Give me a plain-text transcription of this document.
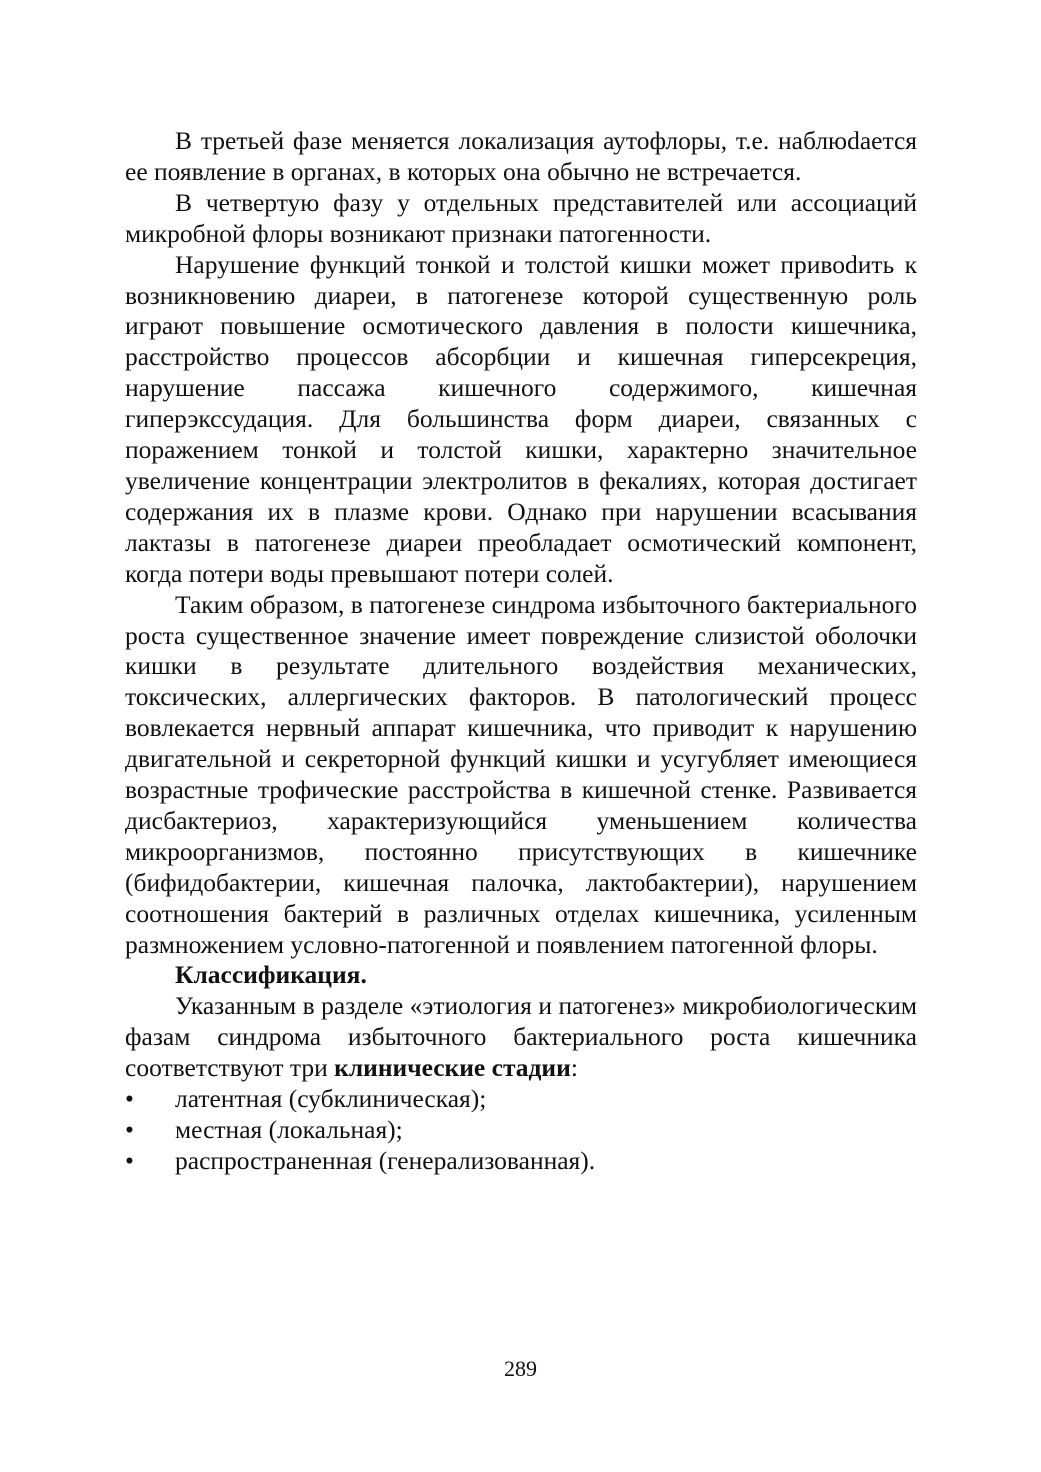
В третьей фазе меняется локализация аутофлоры, т.е. наблюdается ее появление в органах, в которых она обычно не встречается.

В четвертую фазу у отдельных представителей или ассоциаций микробной флоры возникают признаки патогенности.

Нарушение функций тонкой и толстой кишки может привоdить к возникновению диареи, в патогенезе которой существенную роль играют повышение осмотического давления в полости кишечника, расстройство процессов абсорбции и кишечная гиперсекреция, нарушение пассажа кишечного содержимого, кишечная гиперэкссудация. Для большинства форм диареи, связанных с поражением тонкой и толстой кишки, характерно значительное увеличение концентрации электролитов в фекалиях, которая достигает содержания их в плазме крови. Однако при нарушении всасывания лактазы в патогенезе диареи преобладает осмотический компонент, когда потери воды превышают потери солей.

Таким образом, в патогенезе синдрома избыточного бактериального роста существенное значение имеет повреждение слизистой оболочки кишки в результате длительного воздействия механических, токсических, аллергических факторов. В патологический процесс вовлекается нервный аппарат кишечника, что приводит к нарушению двигательной и секреторной функций кишки и усугубляет имеющиеся возрастные трофические расстройства в кишечной стенке. Развивается дисбактериоз, характеризующийся уменьшением количества микроорганизмов, постоянно присутствующих в кишечнике (бифидобактерии, кишечная палочка, лактобактерии), нарушением соотношения бактерий в различных отделах кишечника, усиленным размножением условно-патогенной и появлением патогенной флоры.

Классификация.

Указанным в разделе «этиология и патогенез» микробиологическим фазам синдрома избыточного бактериального роста кишечника соответствуют три клинические стадии:

• латентная (субклиническая);
• местная (локальная);
• распространенная (генерализованная).
289
